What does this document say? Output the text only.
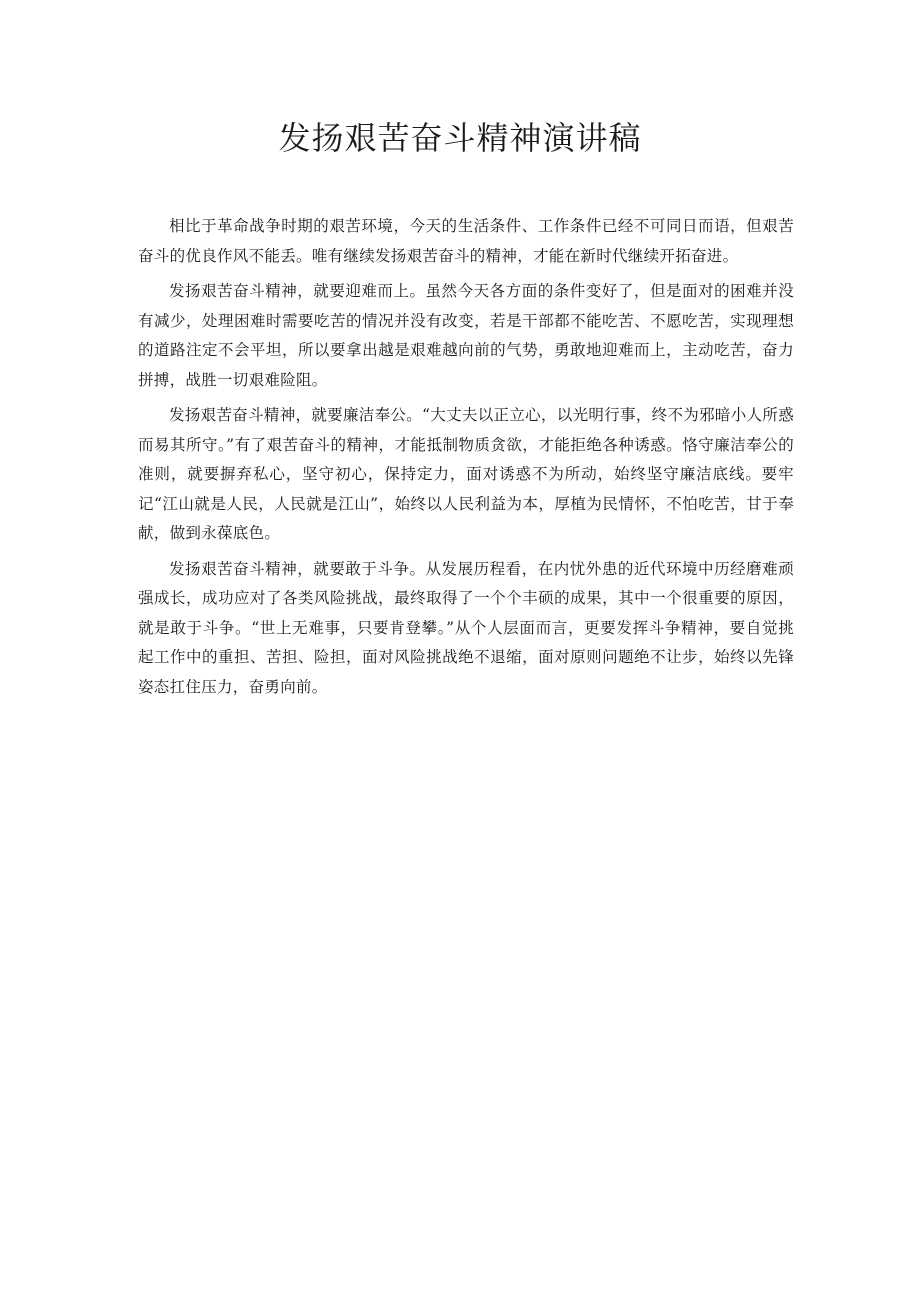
发扬艰苦奋斗精神演讲稿

相比于革命战争时期的艰苦环境，今天的生活条件、工作条件已经不可同日而语，但艰苦奋斗的优良作风不能丢。唯有继续发扬艰苦奋斗的精神，才能在新时代继续开拓奋进。

发扬艰苦奋斗精神，就要迎难而上。虽然今天各方面的条件变好了，但是面对的困难并没有减少，处理困难时需要吃苦的情况并没有改变，若是干部都不能吃苦、不愿吃苦，实现理想的道路注定不会平坦，所以要拿出越是艰难越向前的气势，勇敢地迎难而上，主动吃苦，奋力拼搏，战胜一切艰难险阻。

发扬艰苦奋斗精神，就要廉洁奉公。“大丈夫以正立心，以光明行事，终不为邪暗小人所惑而易其所守。”有了艰苦奋斗的精神，才能抵制物质贪欲，才能拒绝各种诱惑。恪守廉洁奉公的准则，就要摒弃私心，坚守初心，保持定力，面对诱惑不为所动，始终坚守廉洁底线。要牢记“江山就是人民，人民就是江山”，始终以人民利益为本，厚植为民情怀，不怕吃苦，甘于奉献，做到永葆底色。

发扬艰苦奋斗精神，就要敢于斗争。从发展历程看，在内忧外患的近代环境中历经磨难顽强成长，成功应对了各类风险挑战，最终取得了一个个丰硕的成果，其中一个很重要的原因，就是敢于斗争。“世上无难事，只要肯登攀。”从个人层面而言，更要发挥斗争精神，要自觉挑起工作中的重担、苦担、险担，面对风险挑战绝不退缩，面对原则问题绝不让步，始终以先锋姿态扛住压力，奋勇向前。
